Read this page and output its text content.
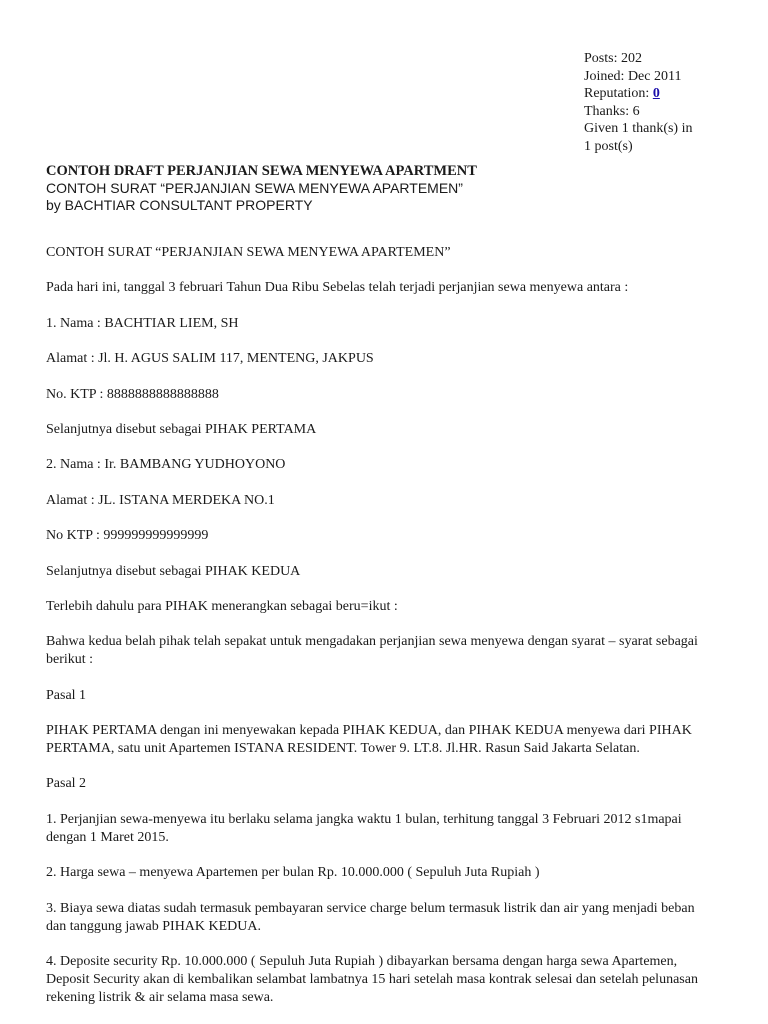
Posts: 202
Joined: Dec 2011
Reputation: 0
Thanks: 6
Given 1 thank(s) in
1 post(s)
CONTOH DRAFT PERJANJIAN SEWA MENYEWA APARTMENT
CONTOH SURAT “PERJANJIAN SEWA MENYEWA APARTEMEN”
by BACHTIAR CONSULTANT PROPERTY

CONTOH SURAT “PERJANJIAN SEWA MENYEWA APARTEMEN”

Pada hari ini, tanggal 3 februari Tahun Dua Ribu Sebelas telah terjadi perjanjian sewa menyewa antara :

1. Nama : BACHTIAR LIEM, SH

Alamat : Jl. H. AGUS SALIM 117, MENTENG, JAKPUS

No. KTP : 8888888888888888

Selanjutnya disebut sebagai PIHAK PERTAMA

2. Nama : Ir. BAMBANG YUDHOYONO

Alamat : JL. ISTANA MERDEKA NO.1

No KTP : 999999999999999

Selanjutnya disebut sebagai PIHAK KEDUA

Terlebih dahulu para PIHAK menerangkan sebagai beru=ikut :

Bahwa kedua belah pihak telah sepakat untuk mengadakan perjanjian sewa menyewa dengan syarat – syarat sebagai berikut :

Pasal 1

PIHAK PERTAMA dengan ini menyewakan kepada PIHAK KEDUA, dan PIHAK KEDUA menyewa dari PIHAK PERTAMA, satu unit Apartemen ISTANA RESIDENT. Tower 9. LT.8. Jl.HR. Rasun Said Jakarta Selatan.

Pasal 2

1. Perjanjian sewa-menyewa itu berlaku selama jangka waktu 1 bulan, terhitung tanggal 3 Februari 2012 s1mapai dengan 1 Maret 2015.

2. Harga sewa – menyewa Apartemen per bulan Rp. 10.000.000 ( Sepuluh Juta Rupiah )

3. Biaya sewa diatas sudah termasuk pembayaran service charge belum termasuk listrik dan air yang menjadi beban dan tanggung jawab PIHAK KEDUA.

4. Deposite security Rp. 10.000.000 ( Sepuluh Juta Rupiah ) dibayarkan bersama dengan harga sewa Apartemen, Deposit Security akan di kembalikan selambat lambatnya 15 hari setelah masa kontrak selesai dan setelah pelunasan rekening listrik & air selama masa sewa.
